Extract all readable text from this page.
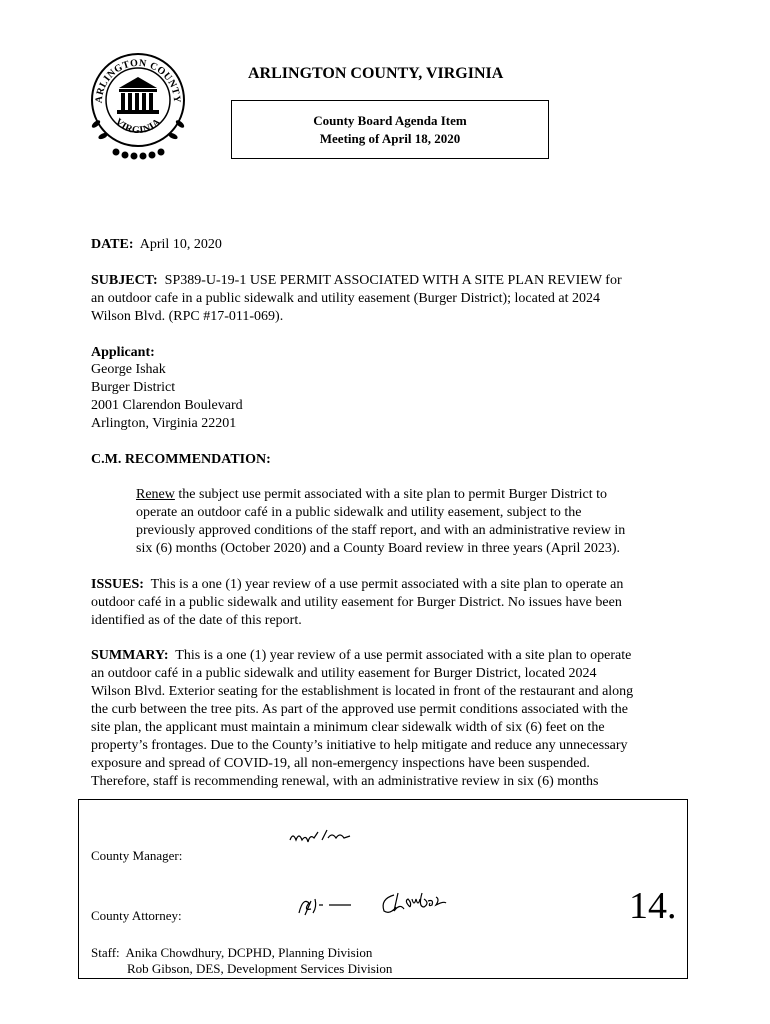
ARLINGTON COUNTY
VIRGINIA
ARLINGTON COUNTY, VIRGINIA
County Board Agenda Item
Meeting of April 18, 2020
DATE: April 10, 2020
SUBJECT: SP389-U-19-1 USE PERMIT ASSOCIATED WITH A SITE PLAN REVIEW for
an outdoor cafe in a public sidewalk and utility easement (Burger District); located at 2024
Wilson Blvd. (RPC #17-011-069).
Applicant:
George Ishak
Burger District
2001 Clarendon Boulevard
Arlington, Virginia 22201
C.M. RECOMMENDATION:
Renew the subject use permit associated with a site plan to permit Burger District to
operate an outdoor café in a public sidewalk and utility easement, subject to the
previously approved conditions of the staff report, and with an administrative review in
six (6) months (October 2020) and a County Board review in three years (April 2023).
ISSUES: This is a one (1) year review of a use permit associated with a site plan to operate an
outdoor café in a public sidewalk and utility easement for Burger District. No issues have been
identified as of the date of this report.
SUMMARY: This is a one (1) year review of a use permit associated with a site plan to operate
an outdoor café in a public sidewalk and utility easement for Burger District, located 2024
Wilson Blvd. Exterior seating for the establishment is located in front of the restaurant and along
the curb between the tree pits. As part of the approved use permit conditions associated with the
site plan, the applicant must maintain a minimum clear sidewalk width of six (6) feet on the
property’s frontages. Due to the County’s initiative to help mitigate and reduce any unnecessary
exposure and spread of COVID-19, all non-emergency inspections have been suspended.
Therefore, staff is recommending renewal, with an administrative review in six (6) months
County Manager:
County Attorney:	14.
Staff: Anika Chowdhury, DCPHD, Planning Division
Rob Gibson, DES, Development Services Division
